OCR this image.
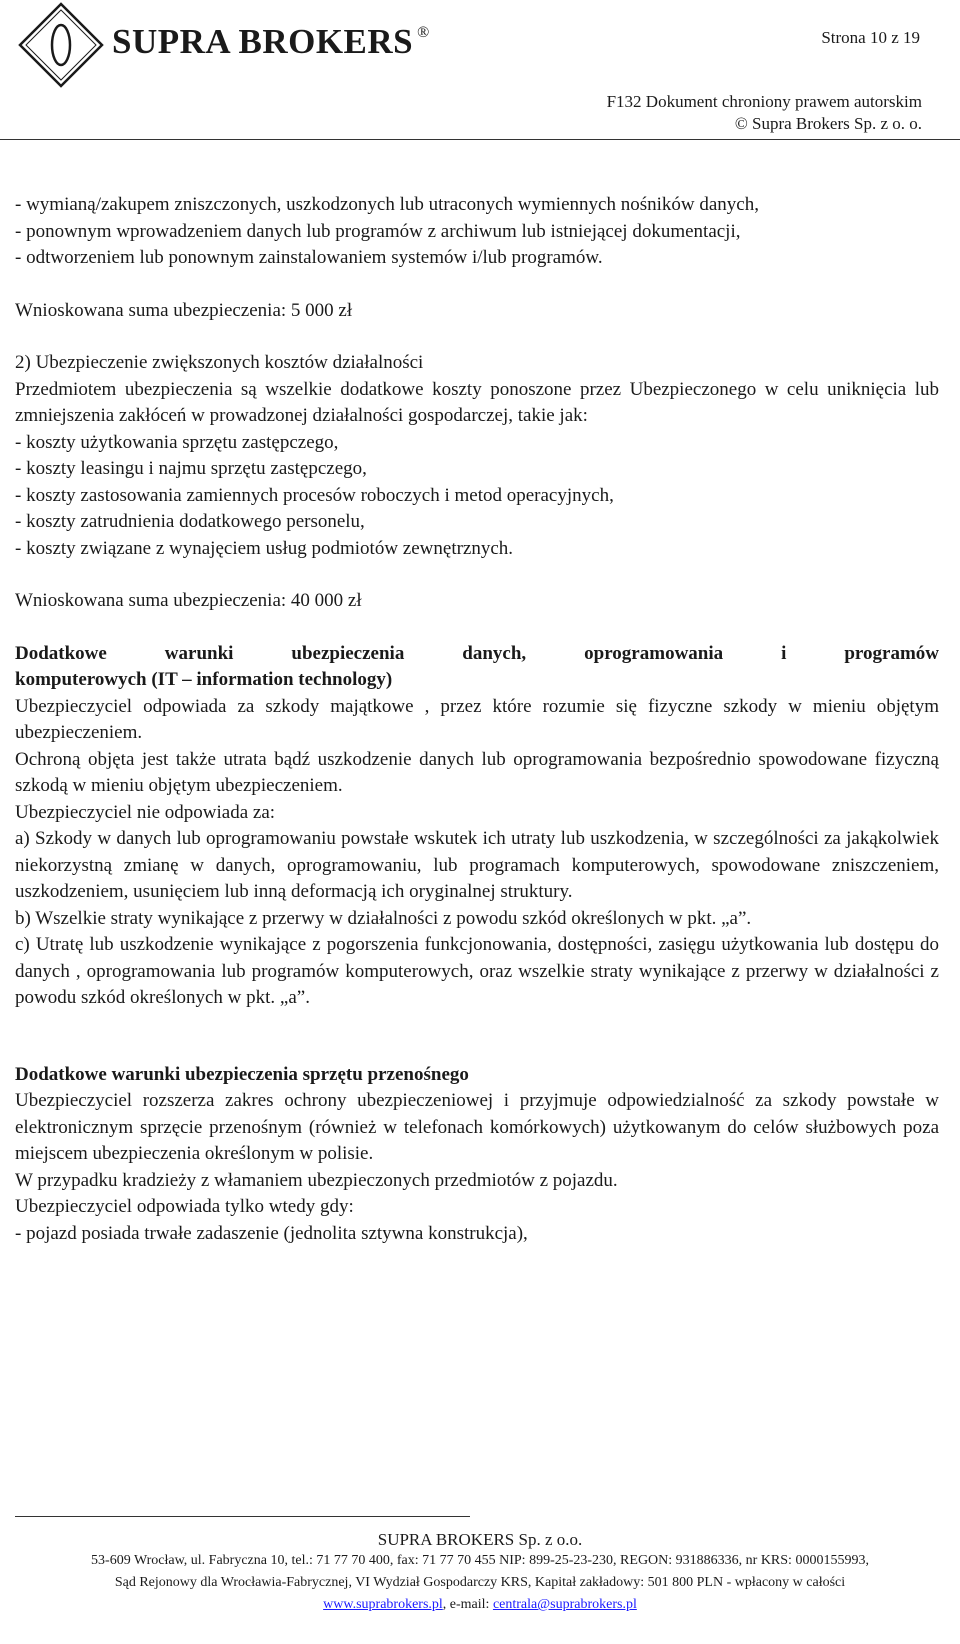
SUPRA BROKERS ®	Strona 10 z 19
F132 Dokument chroniony prawem autorskim
© Supra Brokers Sp. z o. o.

- wymianą/zakupem zniszczonych, uszkodzonych lub utraconych wymiennych nośników danych,

- ponownym wprowadzeniem danych lub programów z archiwum lub istniejącej dokumentacji,

- odtworzeniem lub ponownym zainstalowaniem systemów i/lub programów.

Wnioskowana suma ubezpieczenia: 5 000 zł

2) Ubezpieczenie zwiększonych kosztów działalności

Przedmiotem ubezpieczenia są wszelkie dodatkowe koszty ponoszone przez Ubezpieczonego w celu uniknięcia lub zmniejszenia zakłóceń w prowadzonej działalności gospodarczej, takie jak:

- koszty użytkowania sprzętu zastępczego,

- koszty leasingu i najmu sprzętu zastępczego,

- koszty zastosowania zamiennych procesów roboczych i metod operacyjnych,

- koszty zatrudnienia dodatkowego personelu,

- koszty związane z wynajęciem usług podmiotów zewnętrznych.

Wnioskowana suma ubezpieczenia: 40 000 zł

Dodatkowe warunki ubezpieczenia danych, oprogramowania i programów

komputerowych (IT – information technology)

Ubezpieczyciel odpowiada za szkody majątkowe , przez które rozumie się fizyczne szkody w mieniu objętym ubezpieczeniem.

Ochroną objęta jest także utrata bądź uszkodzenie danych lub oprogramowania bezpośrednio spowodowane fizyczną szkodą w mieniu objętym ubezpieczeniem.

Ubezpieczyciel nie odpowiada za:

a) Szkody w danych lub oprogramowaniu powstałe wskutek ich utraty lub uszkodzenia, w szczególności za jakąkolwiek niekorzystną zmianę w danych, oprogramowaniu, lub programach komputerowych, spowodowane zniszczeniem, uszkodzeniem, usunięciem lub inną deformacją ich oryginalnej struktury.

b) Wszelkie straty wynikające z przerwy w działalności z powodu szkód określonych w pkt. „a”.

c) Utratę lub uszkodzenie wynikające z pogorszenia funkcjonowania, dostępności, zasięgu użytkowania lub dostępu do danych , oprogramowania lub programów komputerowych, oraz wszelkie straty wynikające z przerwy w działalności z powodu szkód określonych w pkt. „a”.

Dodatkowe warunki ubezpieczenia sprzętu przenośnego

Ubezpieczyciel rozszerza zakres ochrony ubezpieczeniowej i przyjmuje odpowiedzialność za szkody powstałe w elektronicznym sprzęcie przenośnym (również w telefonach komórkowych) użytkowanym do celów służbowych poza miejscem ubezpieczenia określonym w polisie.

W przypadku kradzieży z włamaniem ubezpieczonych przedmiotów z pojazdu.

Ubezpieczyciel odpowiada tylko wtedy gdy:

- pojazd posiada trwałe zadaszenie (jednolita sztywna konstrukcja),

SUPRA BROKERS Sp. z o.o.
53-609 Wrocław, ul. Fabryczna 10, tel.: 71 77 70 400, fax: 71 77 70 455 NIP: 899-25-23-230, REGON: 931886336, nr KRS: 0000155993,
Sąd Rejonowy dla Wrocławia-Fabrycznej, VI Wydział Gospodarczy KRS, Kapitał zakładowy: 501 800 PLN - wpłacony w całości
www.suprabrokers.pl, e-mail: centrala@suprabrokers.pl
